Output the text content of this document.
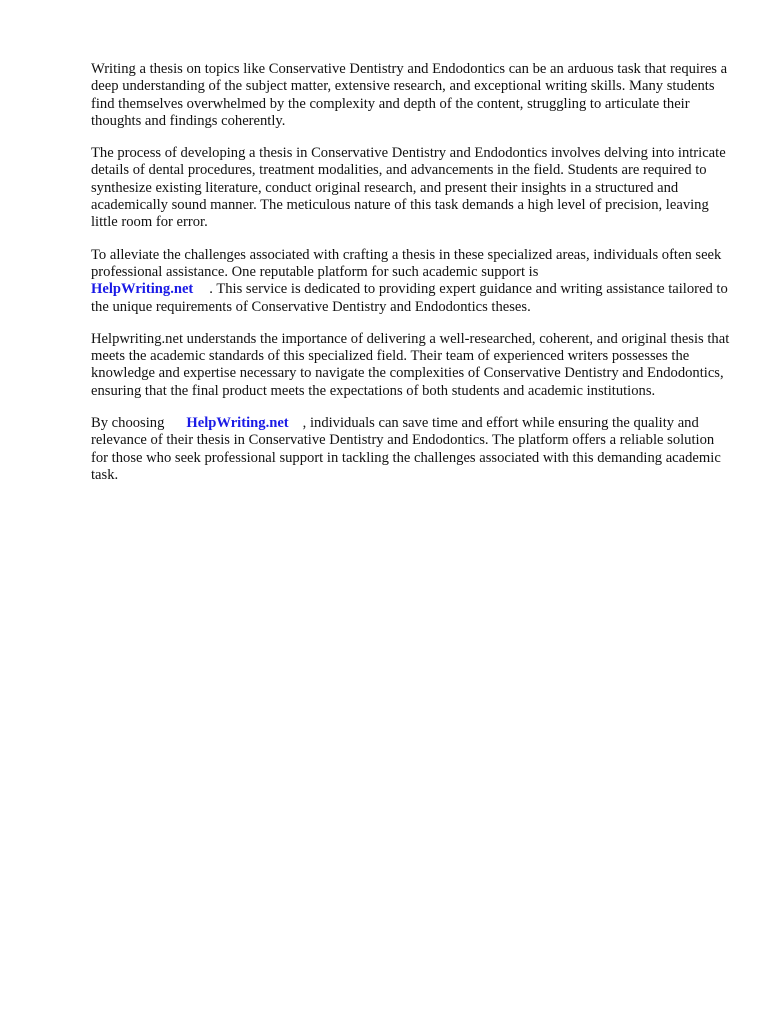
Writing a thesis on topics like Conservative Dentistry and Endodontics can be an arduous task that requires a deep understanding of the subject matter, extensive research, and exceptional writing skills. Many students find themselves overwhelmed by the complexity and depth of the content, struggling to articulate their thoughts and findings coherently.

The process of developing a thesis in Conservative Dentistry and Endodontics involves delving into intricate details of dental procedures, treatment modalities, and advancements in the field. Students are required to synthesize existing literature, conduct original research, and present their insights in a structured and academically sound manner. The meticulous nature of this task demands a high level of precision, leaving little room for error.

To alleviate the challenges associated with crafting a thesis in these specialized areas, individuals often seek professional assistance. One reputable platform for such academic support is
HelpWriting.net . This service is dedicated to providing expert guidance and writing assistance tailored to the unique requirements of Conservative Dentistry and Endodontics theses.

Helpwriting.net understands the importance of delivering a well-researched, coherent, and original thesis that meets the academic standards of this specialized field. Their team of experienced writers possesses the knowledge and expertise necessary to navigate the complexities of Conservative Dentistry and Endodontics, ensuring that the final product meets the expectations of both students and academic institutions.

By choosing HelpWriting.net , individuals can save time and effort while ensuring the quality and relevance of their thesis in Conservative Dentistry and Endodontics. The platform offers a reliable solution for those who seek professional support in tackling the challenges associated with this demanding academic task.
